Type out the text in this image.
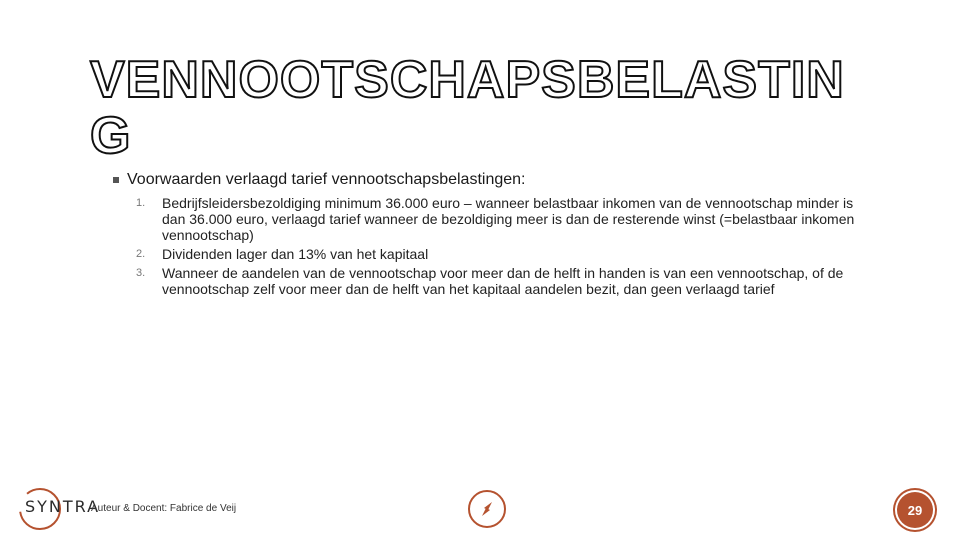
VENNOOTSCHAPSBELASTING
Voorwaarden verlaagd tarief vennootschapsbelastingen:
1. Bedrijfsleidersbezoldiging minimum 36.000 euro – wanneer belastbaar inkomen van de vennootschap minder is dan 36.000 euro, verlaagd tarief wanneer de bezoldiging meer is dan de resterende winst (=belastbaar inkomen vennootschap)
2. Dividenden lager dan 13% van het kapitaal
3. Wanneer de aandelen van de vennootschap voor meer dan de helft in handen is van een vennootschap, of de vennootschap zelf voor meer dan de helft van het kapitaal aandelen bezit, dan geen verlaagd tarief
SYNTRA
Auteur & Docent: Fabrice de Veij	29
